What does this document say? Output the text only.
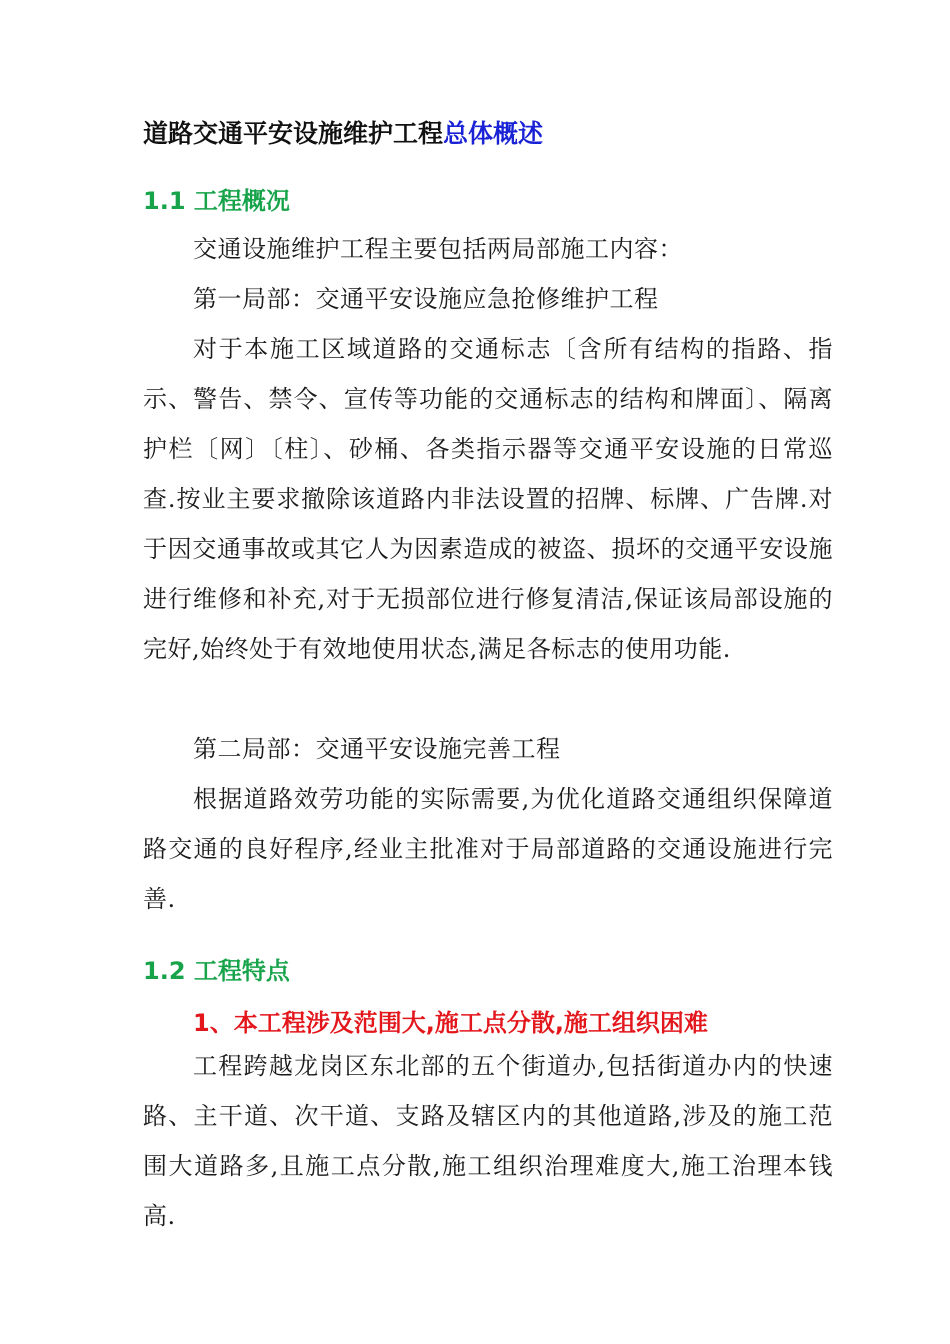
道路交通平安设施维护工程总体概述
1.1 工程概况
交通设施维护工程主要包括两局部施工内容：
第一局部：交通平安设施应急抢修维护工程

对于本施工区域道路的交通标志〔含所有结构的指路、指示、警告、禁令、宣传等功能的交通标志的结构和牌面〕、隔离护栏〔网〕〔柱〕、砂桶、各类指示器等交通平安设施的日常巡查.按业主要求撤除该道路内非法设置的招牌、标牌、广告牌.对于因交通事故或其它人为因素造成的被盗、损坏的交通平安设施进行维修和补充,对于无损部位进行修复清洁,保证该局部设施的完好,始终处于有效地使用状态,满足各标志的使用功能.

第二局部：交通平安设施完善工程

根据道路效劳功能的实际需要,为优化道路交通组织保障道路交通的良好程序,经业主批准对于局部道路的交通设施进行完善.

1.2 工程特点
1、本工程涉及范围大,施工点分散,施工组织困难

工程跨越龙岗区东北部的五个街道办,包括街道办内的快速路、主干道、次干道、支路及辖区内的其他道路,涉及的施工范围大道路多,且施工点分散,施工组织治理难度大,施工治理本钱高.
